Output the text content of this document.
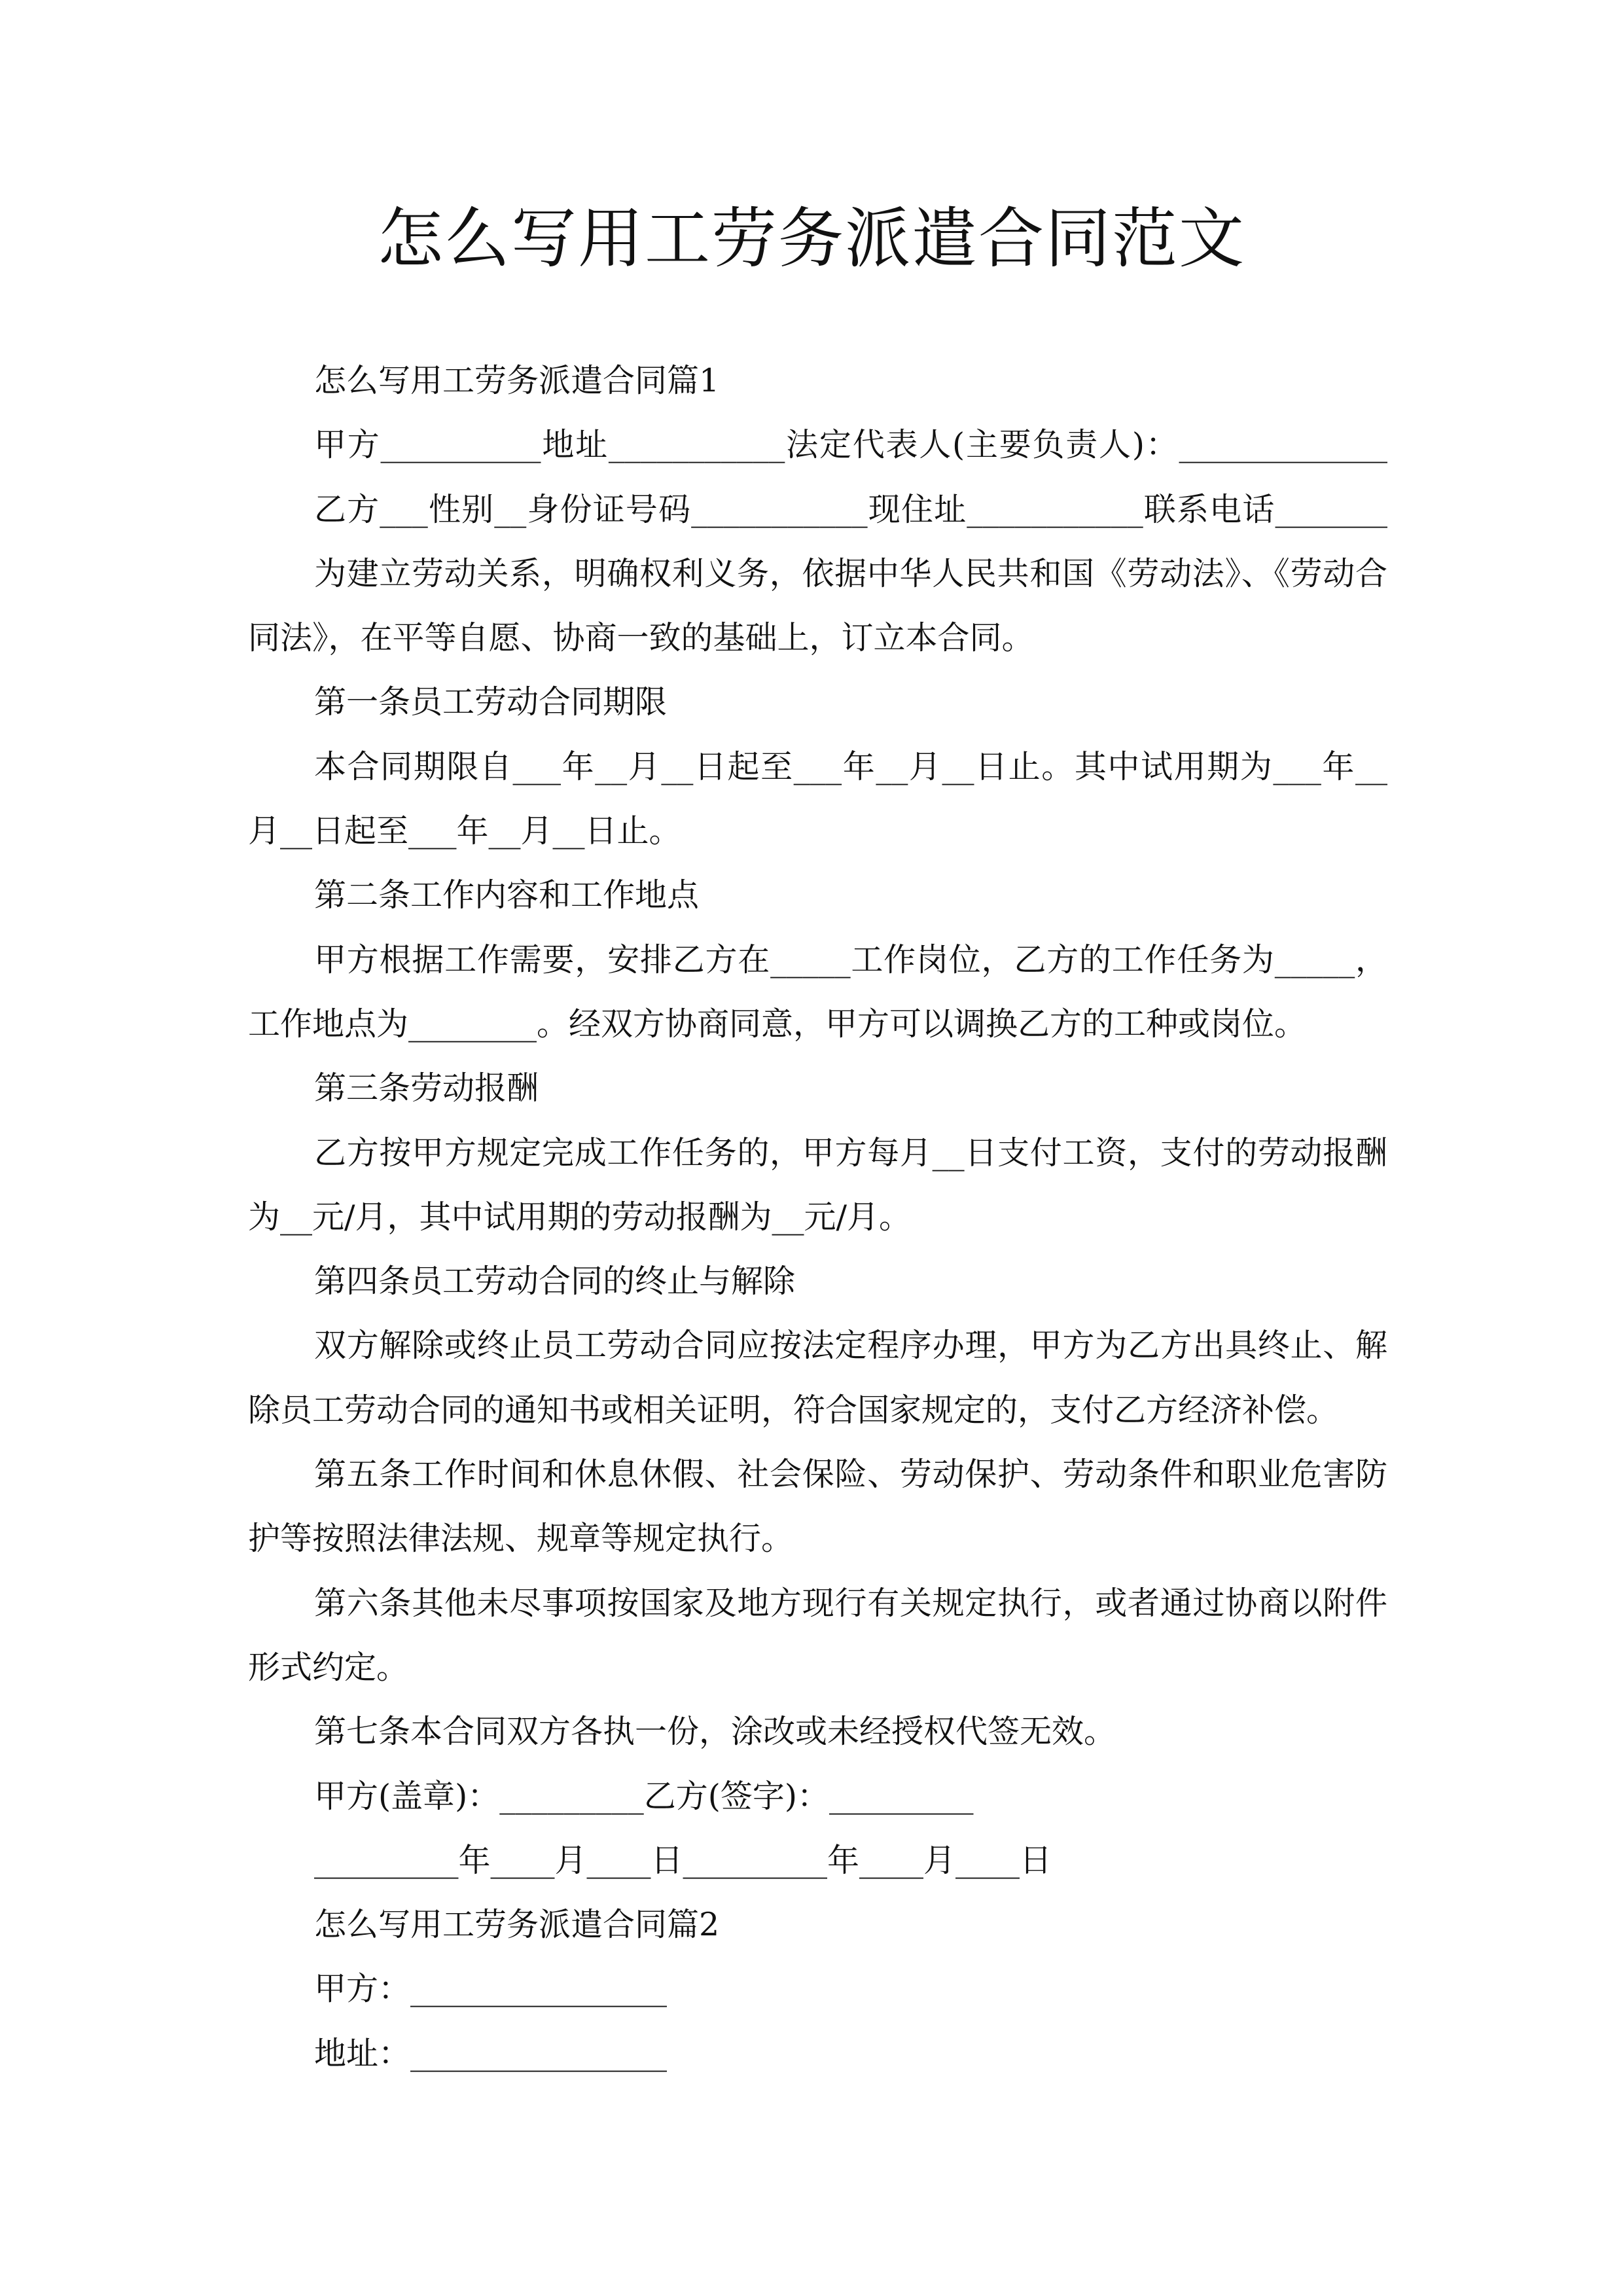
怎么写用工劳务派遣合同范文
怎么写用工劳务派遣合同篇1
甲方__________地址___________法定代表人(主要负责人)：_____________
乙方___性别__身份证号码___________现住址___________联系电话_______
为建立劳动关系，明确权利义务，依据中华人民共和国《劳动法》、《劳动合
同法》，在平等自愿、协商一致的基础上，订立本合同。
第一条员工劳动合同期限
本合同期限自___年__月__日起至___年__月__日止。其中试用期为___年__
月__日起至___年__月__日止。
第二条工作内容和工作地点
甲方根据工作需要，安排乙方在_____工作岗位，乙方的工作任务为_____，
工作地点为________。经双方协商同意，甲方可以调换乙方的工种或岗位。
第三条劳动报酬
乙方按甲方规定完成工作任务的，甲方每月__日支付工资，支付的劳动报酬
为__元/月，其中试用期的劳动报酬为__元/月。
第四条员工劳动合同的终止与解除
双方解除或终止员工劳动合同应按法定程序办理，甲方为乙方出具终止、解
除员工劳动合同的通知书或相关证明，符合国家规定的，支付乙方经济补偿。
第五条工作时间和休息休假、社会保险、劳动保护、劳动条件和职业危害防
护等按照法律法规、规章等规定执行。
第六条其他未尽事项按国家及地方现行有关规定执行，或者通过协商以附件
形式约定。
第七条本合同双方各执一份，涂改或未经授权代签无效。
甲方(盖章)：_________乙方(签字)：_________
_________年____月____日_________年____月____日
怎么写用工劳务派遣合同篇2
甲方：________________
地址：________________
